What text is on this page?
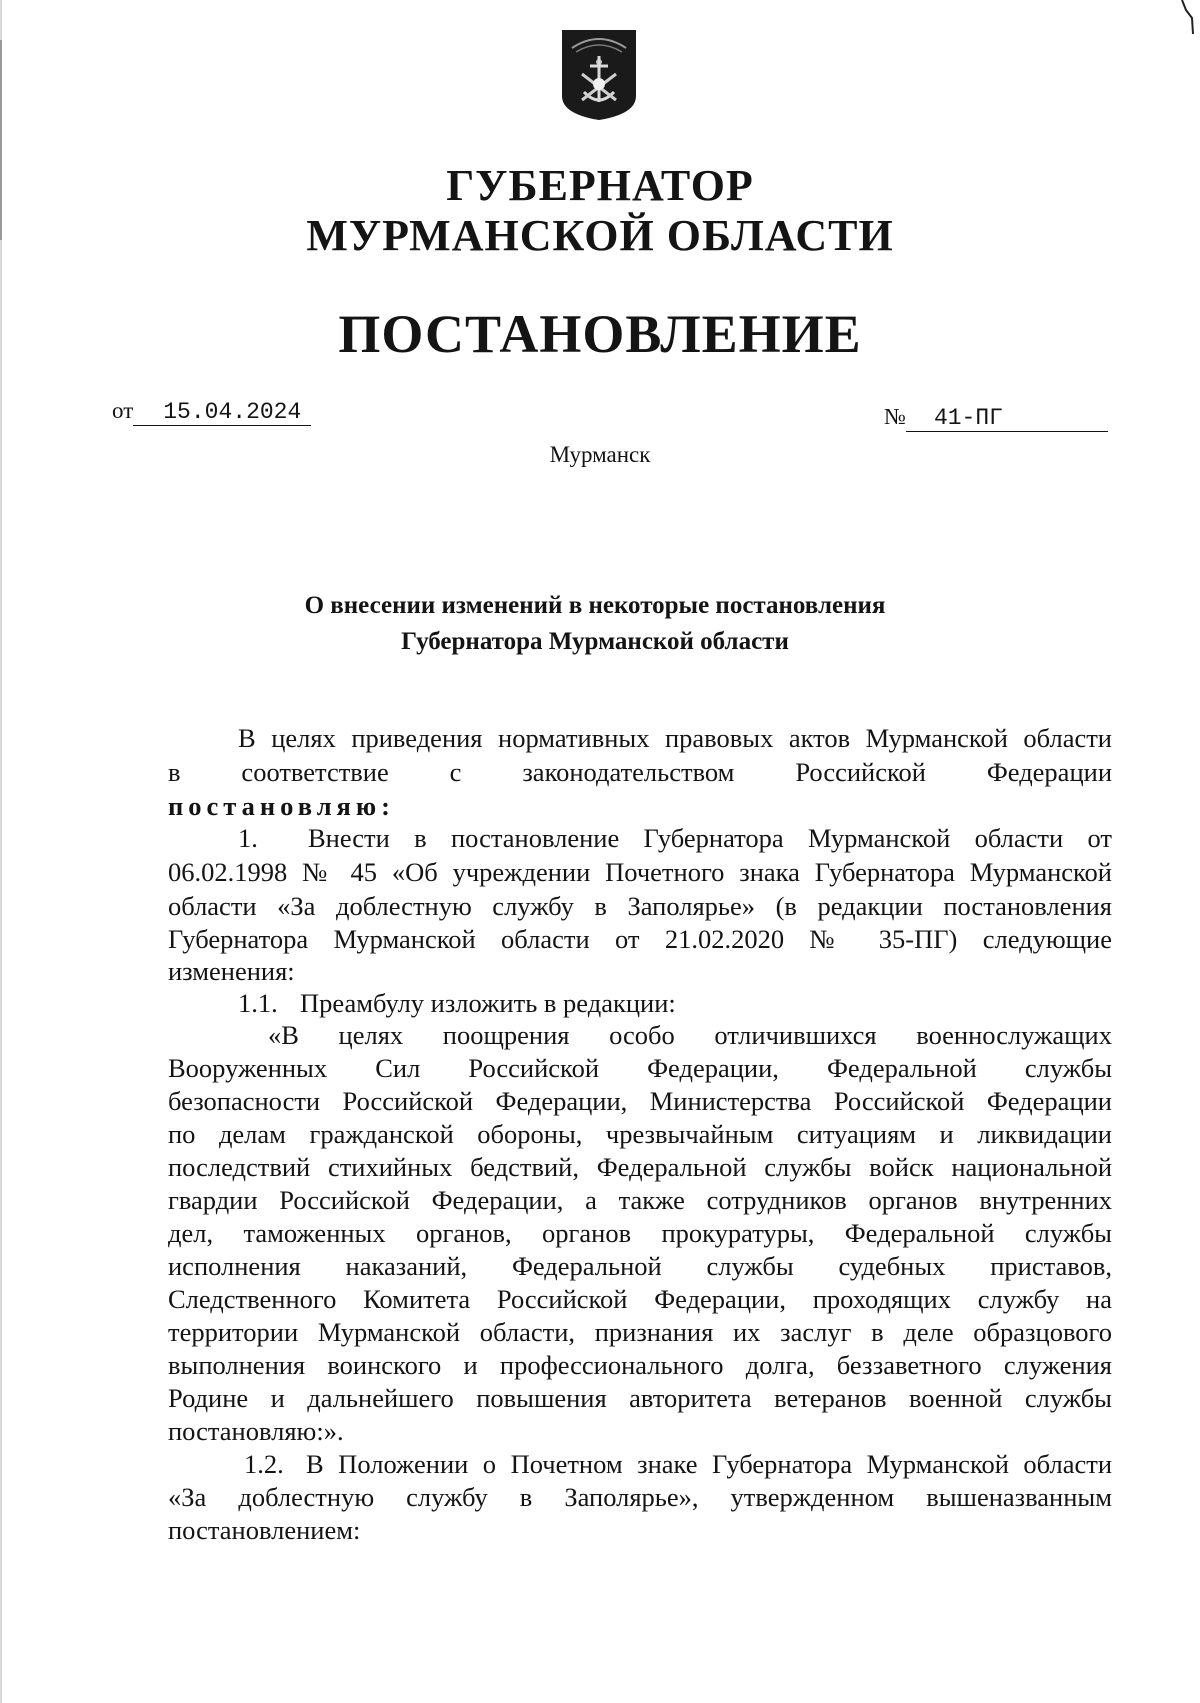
ГУБЕРНАТОР
МУРМАНСКОЙ ОБЛАСТИ
ПОСТАНОВЛЕНИЕ
от 15.04.2024	№ 41-ПГ
Мурманск
О внесении изменений в некоторые постановления
Губернатора Мурманской области
В целях приведения нормативных правовых актов Мурманской области
в соответствие с законодательством Российской Федерации
постановляю:
1. Внести в постановление Губернатора Мурманской области от
06.02.1998 № 45 «Об учреждении Почетного знака Губернатора Мурманской
области «За доблестную службу в Заполярье» (в редакции постановления
Губернатора Мурманской области от 21.02.2020 № 35-ПГ) следующие
изменения:
1.1. Преамбулу изложить в редакции:
«В целях поощрения особо отличившихся военнослужащих
Вооруженных Сил Российской Федерации, Федеральной службы
безопасности Российской Федерации, Министерства Российской Федерации
по делам гражданской обороны, чрезвычайным ситуациям и ликвидации
последствий стихийных бедствий, Федеральной службы войск национальной
гвардии Российской Федерации, а также сотрудников органов внутренних
дел, таможенных органов, органов прокуратуры, Федеральной службы
исполнения наказаний, Федеральной службы судебных приставов,
Следственного Комитета Российской Федерации, проходящих службу на
территории Мурманской области, признания их заслуг в деле образцового
выполнения воинского и профессионального долга, беззаветного служения
Родине и дальнейшего повышения авторитета ветеранов военной службы
постановляю:».
1.2. В Положении о Почетном знаке Губернатора Мурманской области
«За доблестную службу в Заполярье», утвержденном вышеназванным
постановлением:
